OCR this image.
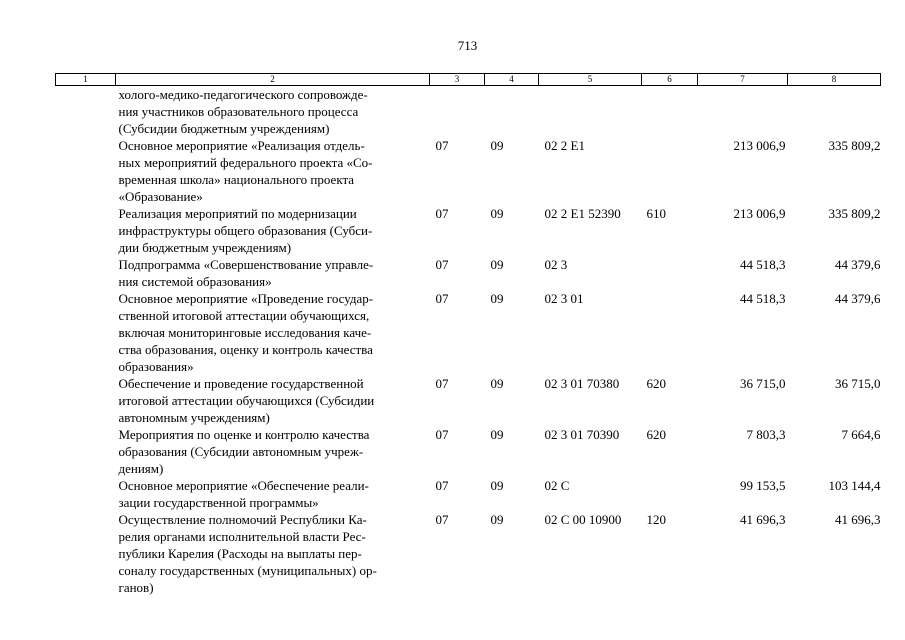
713
1	2	3	4	5	6	7	8

	холого-медико-педагогического сопровожде-
ния участников образовательного процесса
(Субсидии бюджетным учреждениям)						

	Основное мероприятие «Реализация отдель-
ных мероприятий федерального проекта «Со-
временная школа» национального проекта
«Образование»	07	09	02 2 E1		213 006,9	335 809,2

	Реализация мероприятий по модернизации
инфраструктуры общего образования (Субси-
дии бюджетным учреждениям)	07	09	02 2 E1 52390	610	213 006,9	335 809,2

	Подпрограмма «Совершенствование управле-
ния системой образования»	07	09	02 3		44 518,3	44 379,6

	Основное мероприятие «Проведение государ-
ственной итоговой аттестации обучающихся,
включая мониторинговые исследования каче-
ства образования, оценку и контроль качества
образования»	07	09	02 3 01		44 518,3	44 379,6

	Обеспечение и проведение государственной
итоговой аттестации обучающихся (Субсидии
автономным учреждениям)	07	09	02 3 01 70380	620	36 715,0	36 715,0

	Мероприятия по оценке и контролю качества
образования (Субсидии автономным учреж-
дениям)	07	09	02 3 01 70390	620	7 803,3	7 664,6

	Основное мероприятие «Обеспечение реали-
зации государственной программы»	07	09	02 C		99 153,5	103 144,4

	Осуществление полномочий Республики Ка-
релия органами исполнительной власти Рес-
публики Карелия (Расходы на выплаты пер-
соналу государственных (муниципальных) ор-
ганов)	07	09	02 C 00 10900	120	41 696,3	41 696,3
